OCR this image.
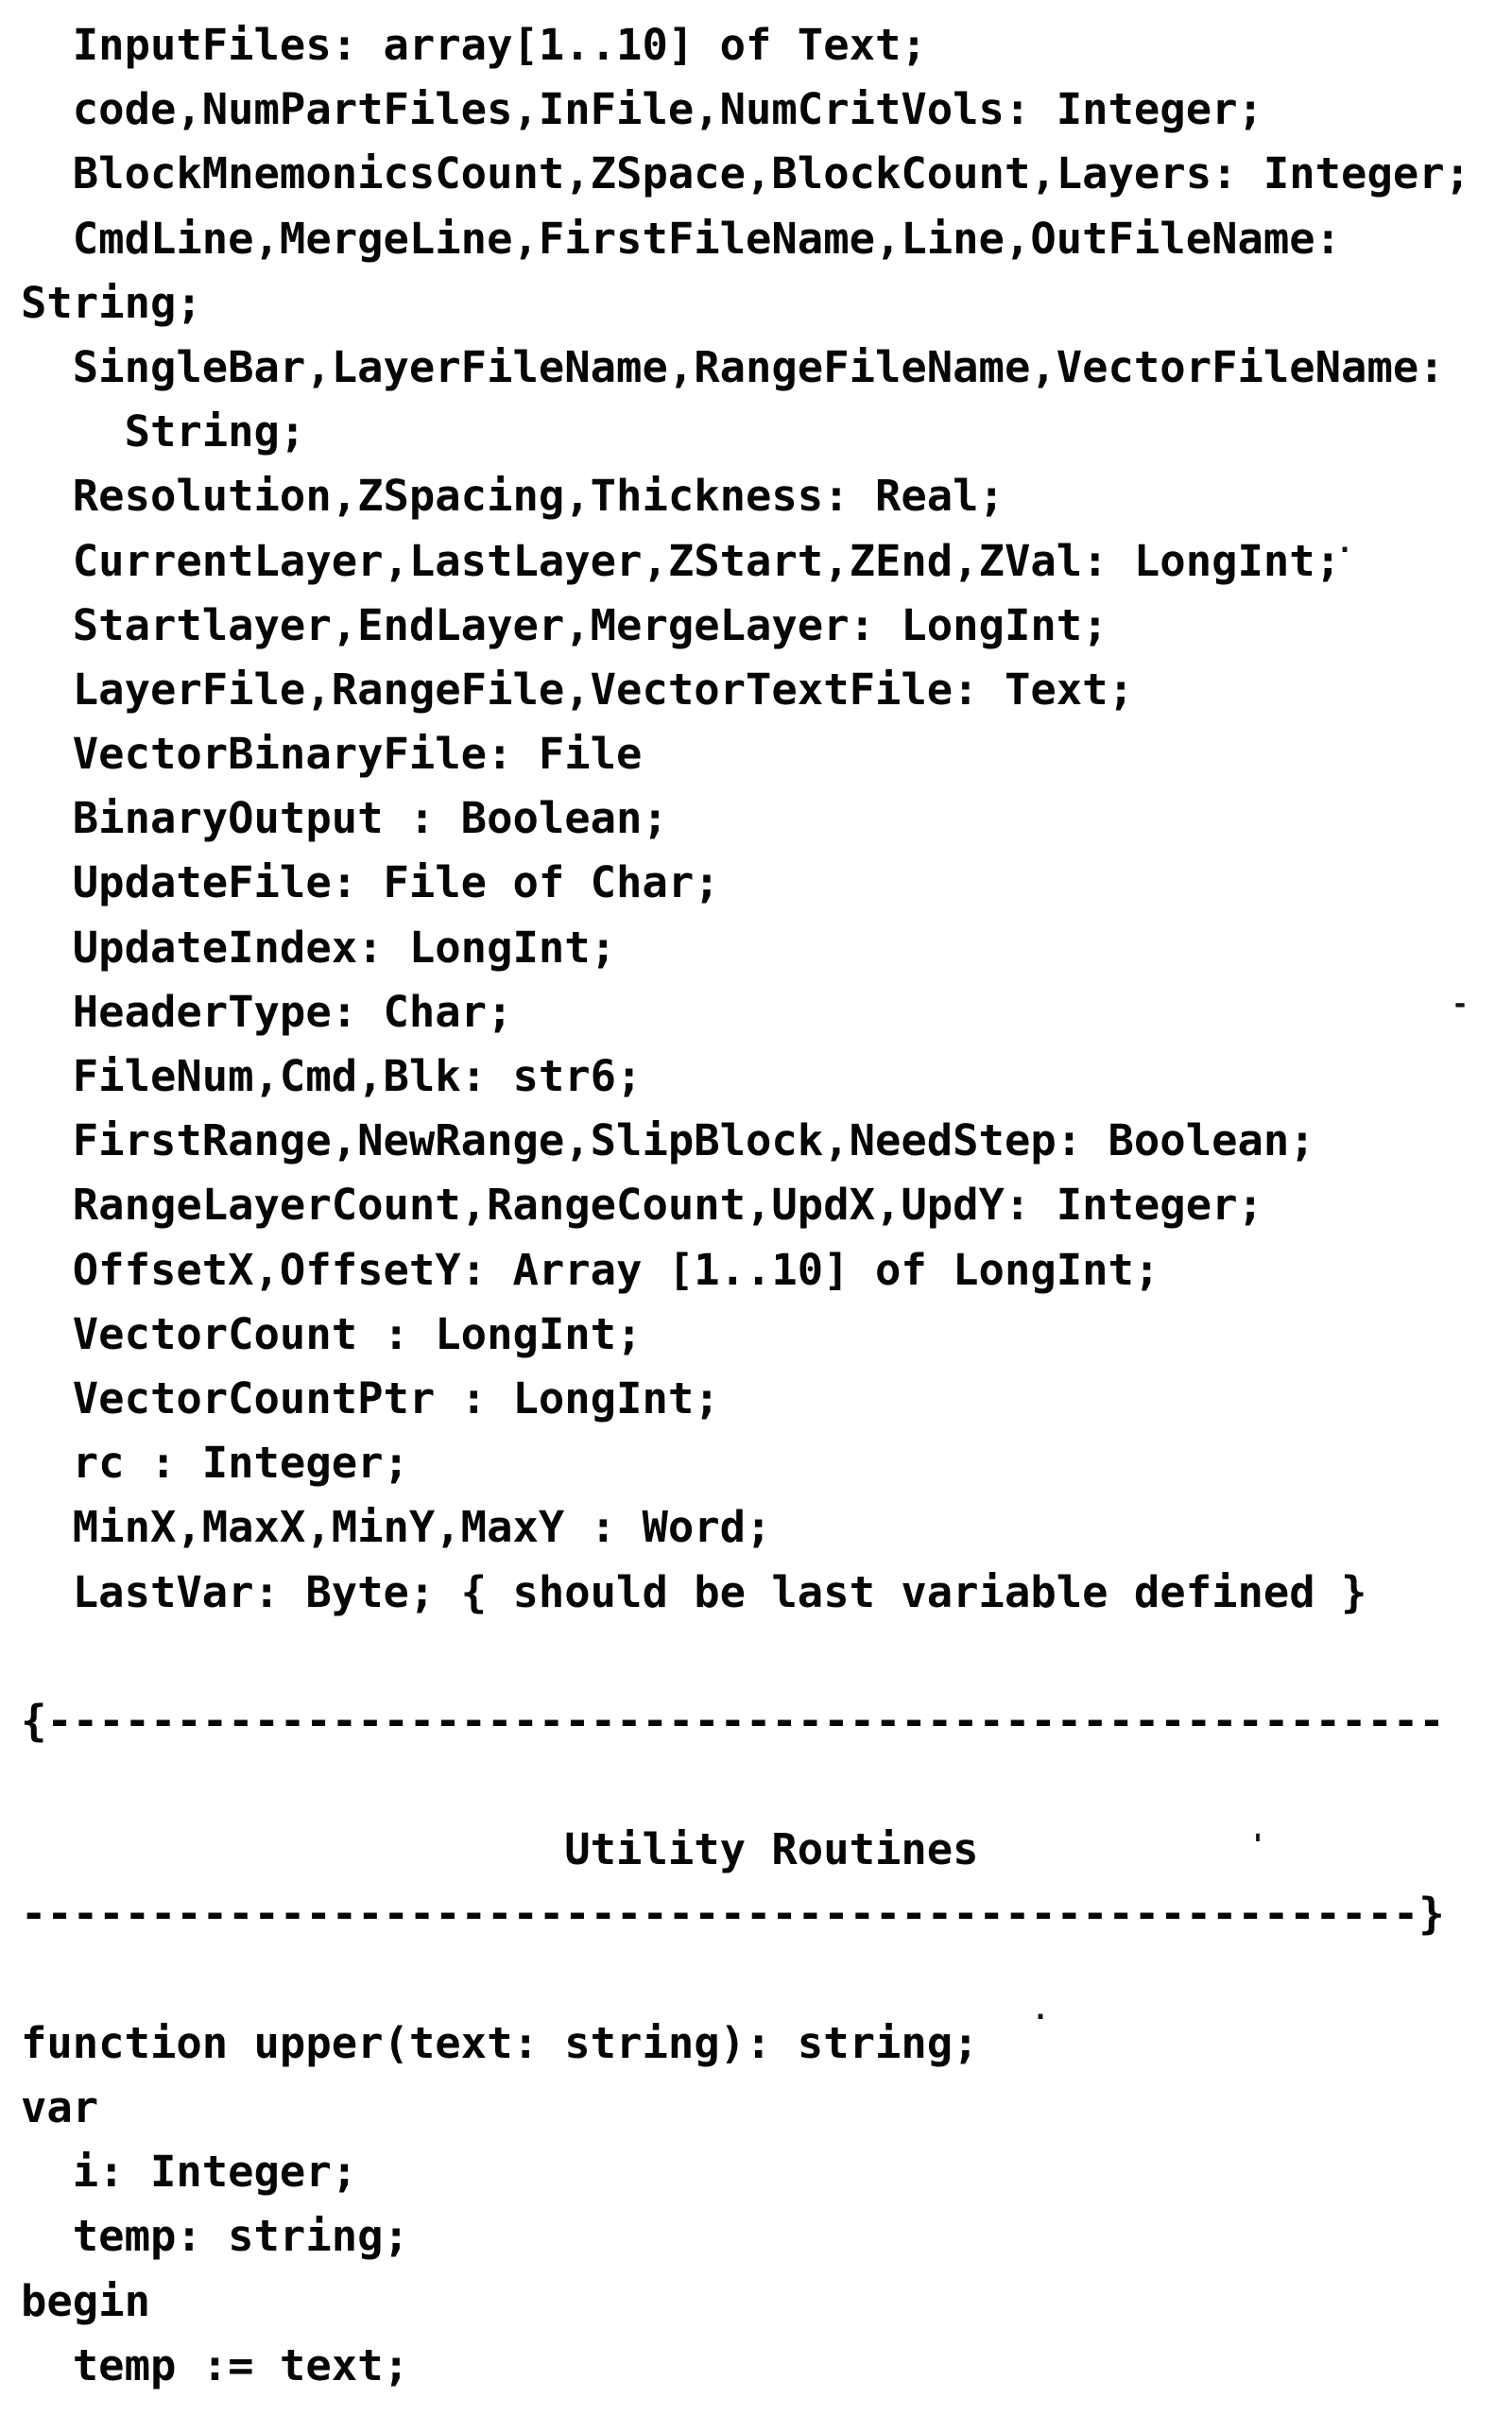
InputFiles: array[1..10] of Text;
code,NumPartFiles,InFile,NumCritVols: Integer;
BlockMnemonicsCount,ZSpace,BlockCount,Layers: Integer;
CmdLine,MergeLine,FirstFileName,Line,OutFileName:
String;
SingleBar,LayerFileName,RangeFileName,VectorFileName:
String;
Resolution,ZSpacing,Thickness: Real;
CurrentLayer,LastLayer,ZStart,ZEnd,ZVal: LongInt;
Startlayer,EndLayer,MergeLayer: LongInt;
LayerFile,RangeFile,VectorTextFile: Text;
VectorBinaryFile: File
BinaryOutput : Boolean;
UpdateFile: File of Char;
UpdateIndex: LongInt;
HeaderType: Char;
FileNum,Cmd,Blk: str6;
FirstRange,NewRange,SlipBlock,NeedStep: Boolean;
RangeLayerCount,RangeCount,UpdX,UpdY: Integer;
OffsetX,OffsetY: Array [1..10] of LongInt;
VectorCount : LongInt;
VectorCountPtr : LongInt;
rc : Integer;
MinX,MaxX,MinY,MaxY : Word;
LastVar: Byte; { should be last variable defined }
{------------------------------------------------------
Utility Routines
------------------------------------------------------}
function upper(text: string): string;
var
i: Integer;
temp: string;
begin
temp := text;
'
.
.
-
